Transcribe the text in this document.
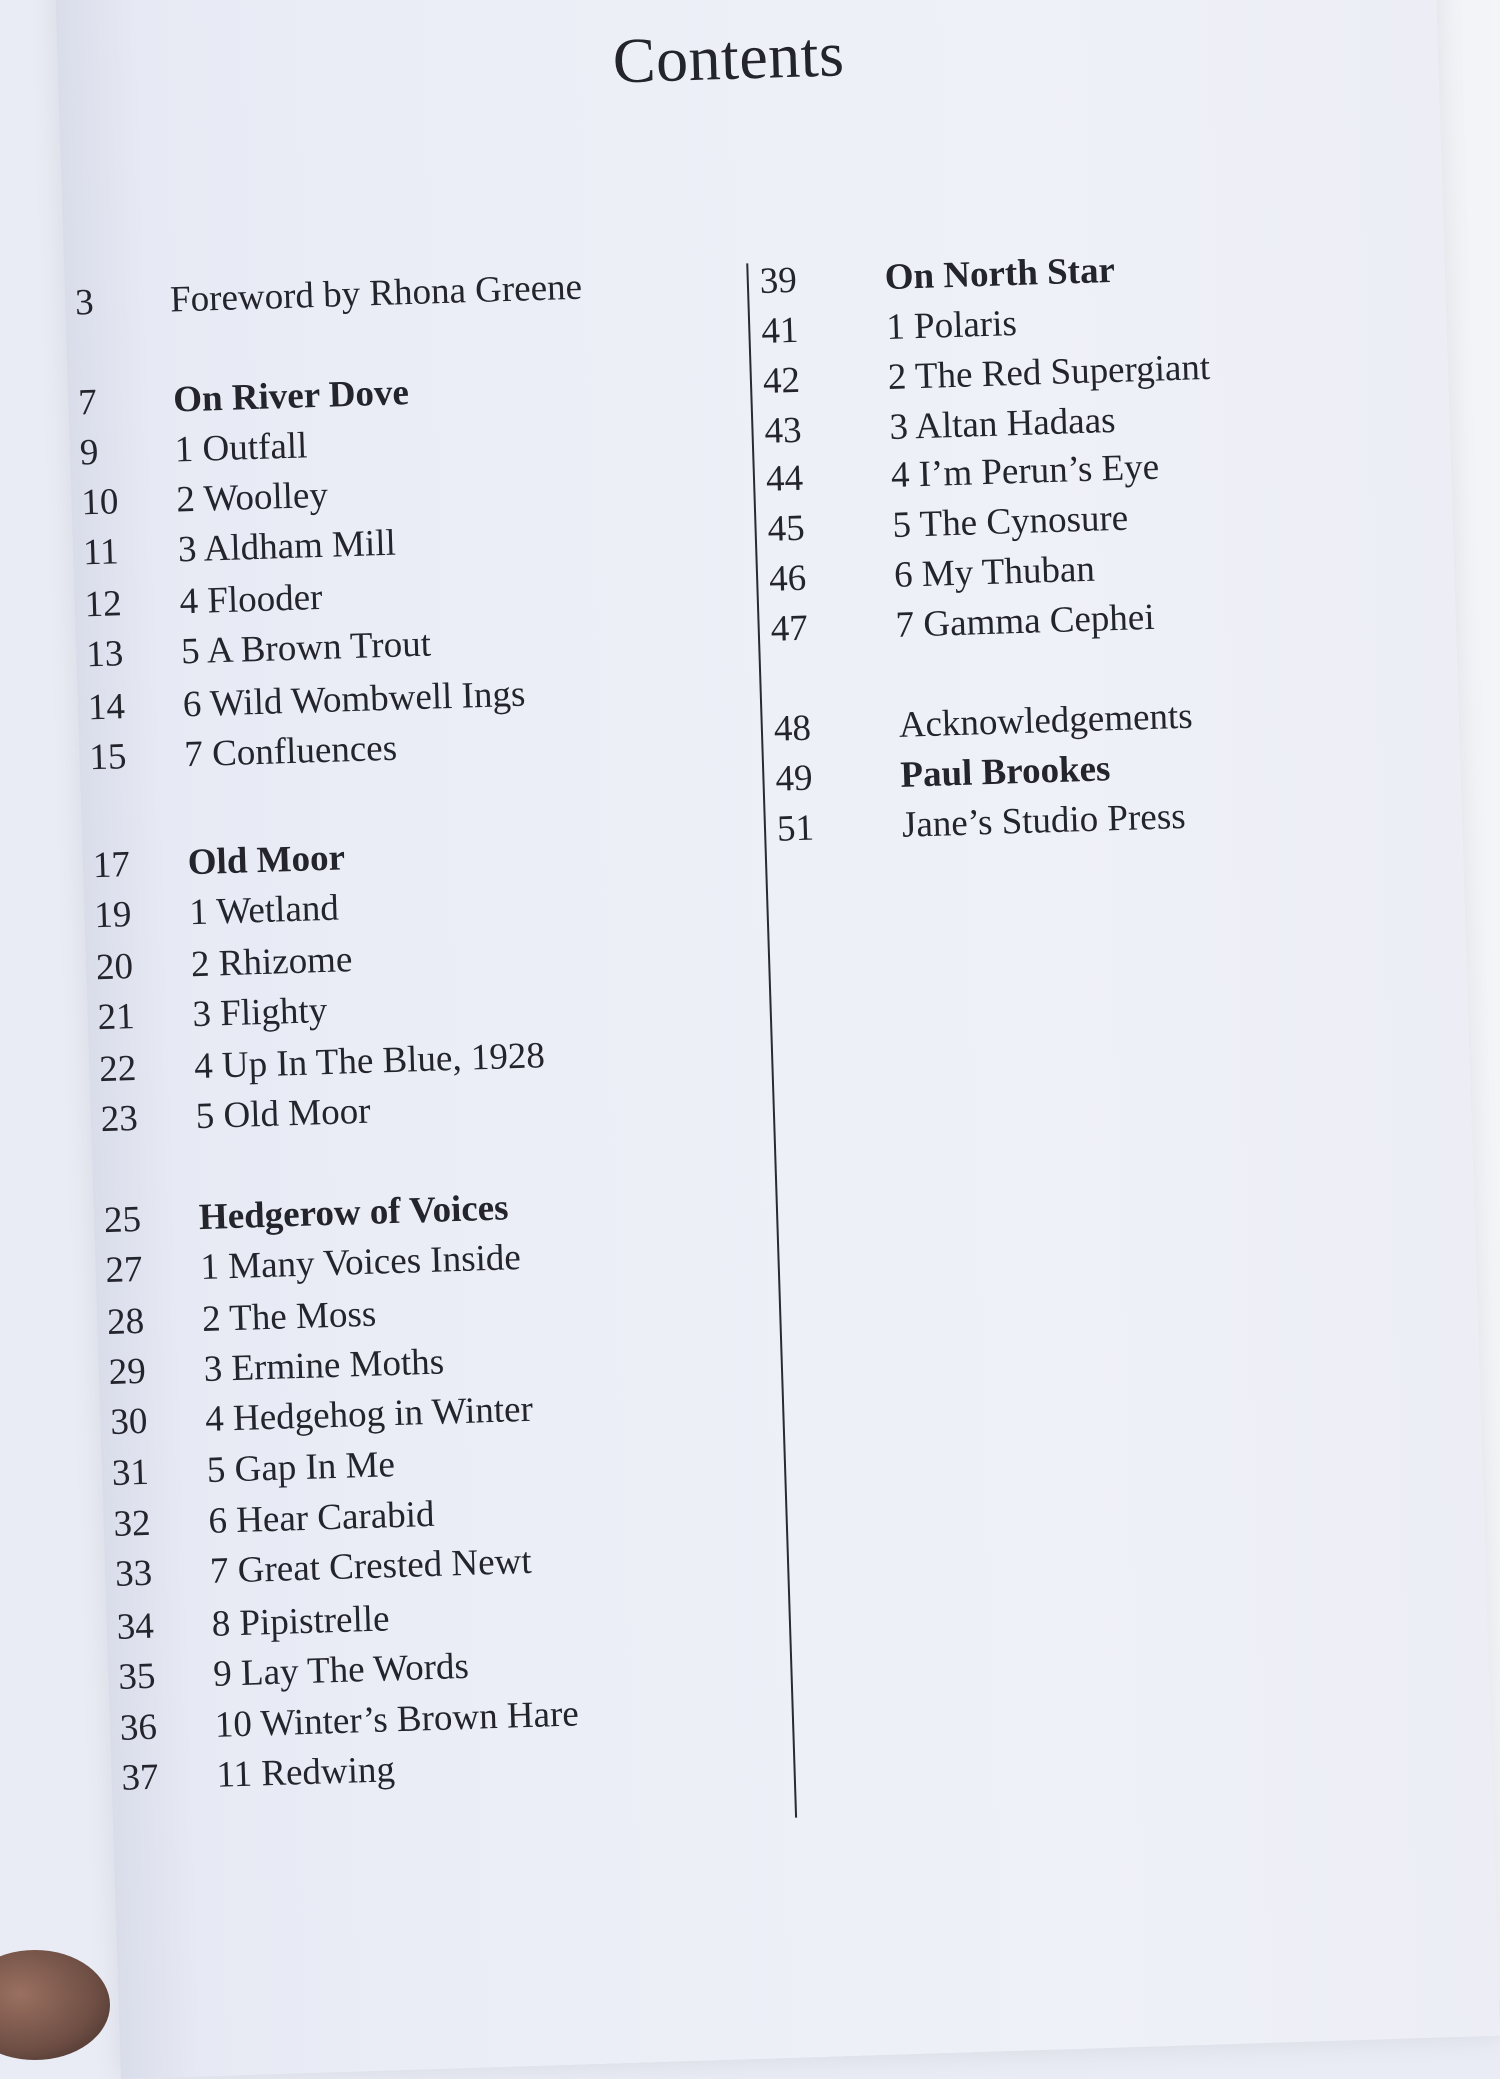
Contents
3 Foreword by Rhona Greene
7 On River Dove
9 1 Outfall
10 2 Woolley
11 3 Aldham Mill
12 4 Flooder
13 5 A Brown Trout
14 6 Wild Wombwell Ings
15 7 Confluences
17 Old Moor
19 1 Wetland
20 2 Rhizome
21 3 Flighty
22 4 Up In The Blue, 1928
23 5 Old Moor
25 Hedgerow of Voices
27 1 Many Voices Inside
28 2 The Moss
29 3 Ermine Moths
30 4 Hedgehog in Winter
31 5 Gap In Me
32 6 Hear Carabid
33 7 Great Crested Newt
34 8 Pipistrelle
35 9 Lay The Words
36 10 Winter’s Brown Hare
37 11 Redwing
39 On North Star
41 1 Polaris
42 2 The Red Supergiant
43 3 Altan Hadaas
44 4 I’m Perun’s Eye
45 5 The Cynosure
46 6 My Thuban
47 7 Gamma Cephei
48 Acknowledgements
49 Paul Brookes
51 Jane’s Studio Press
